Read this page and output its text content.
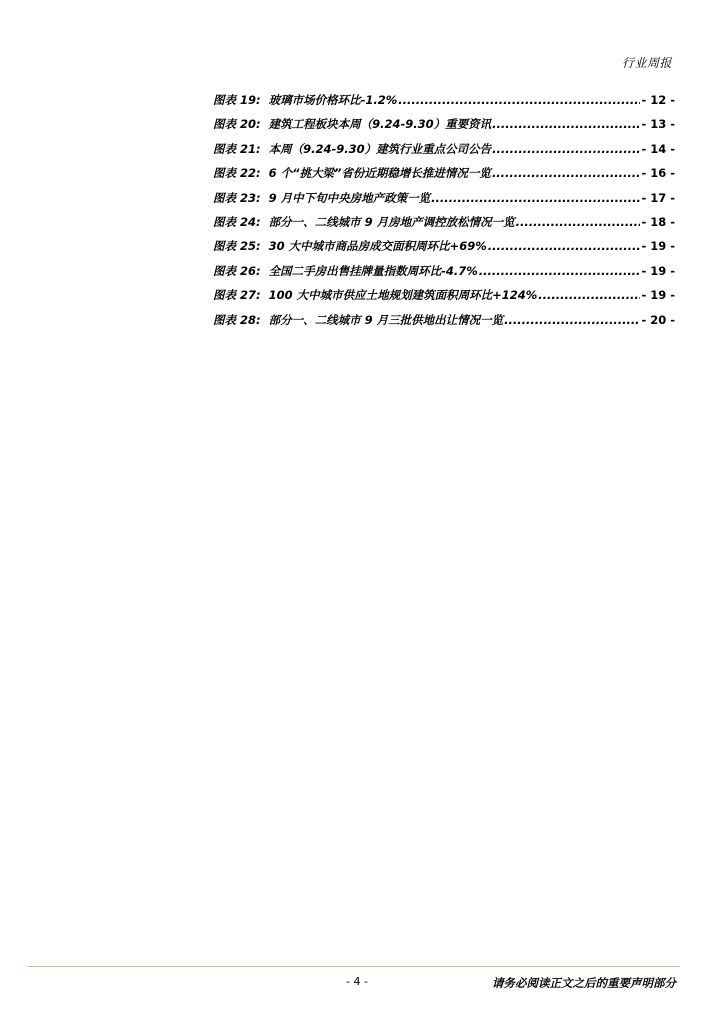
行业周报
图表 19: 玻璃市场价格环比-1.2% .....	- 12 -
图表 20: 建筑工程板块本周（9.24-9.30）重要资讯 .....	- 13 -
图表 21: 本周（9.24-9.30）建筑行业重点公司公告 .....	- 14 -
图表 22: 6 个“挑大梁”省份近期稳增长推进情况一览 .....	- 16 -
图表 23: 9 月中下旬中央房地产政策一览 .....	- 17 -
图表 24: 部分一、二线城市 9 月房地产调控放松情况一览 .....	- 18 -
图表 25: 30 大中城市商品房成交面积周环比+69% .....	- 19 -
图表 26: 全国二手房出售挂牌量指数周环比-4.7% .....	- 19 -
图表 27: 100 大中城市供应土地规划建筑面积周环比+124% .....	- 19 -
图表 28: 部分一、二线城市 9 月三批供地出让情况一览 .....	- 20 -
- 4 -	请务必阅读正文之后的重要声明部分
